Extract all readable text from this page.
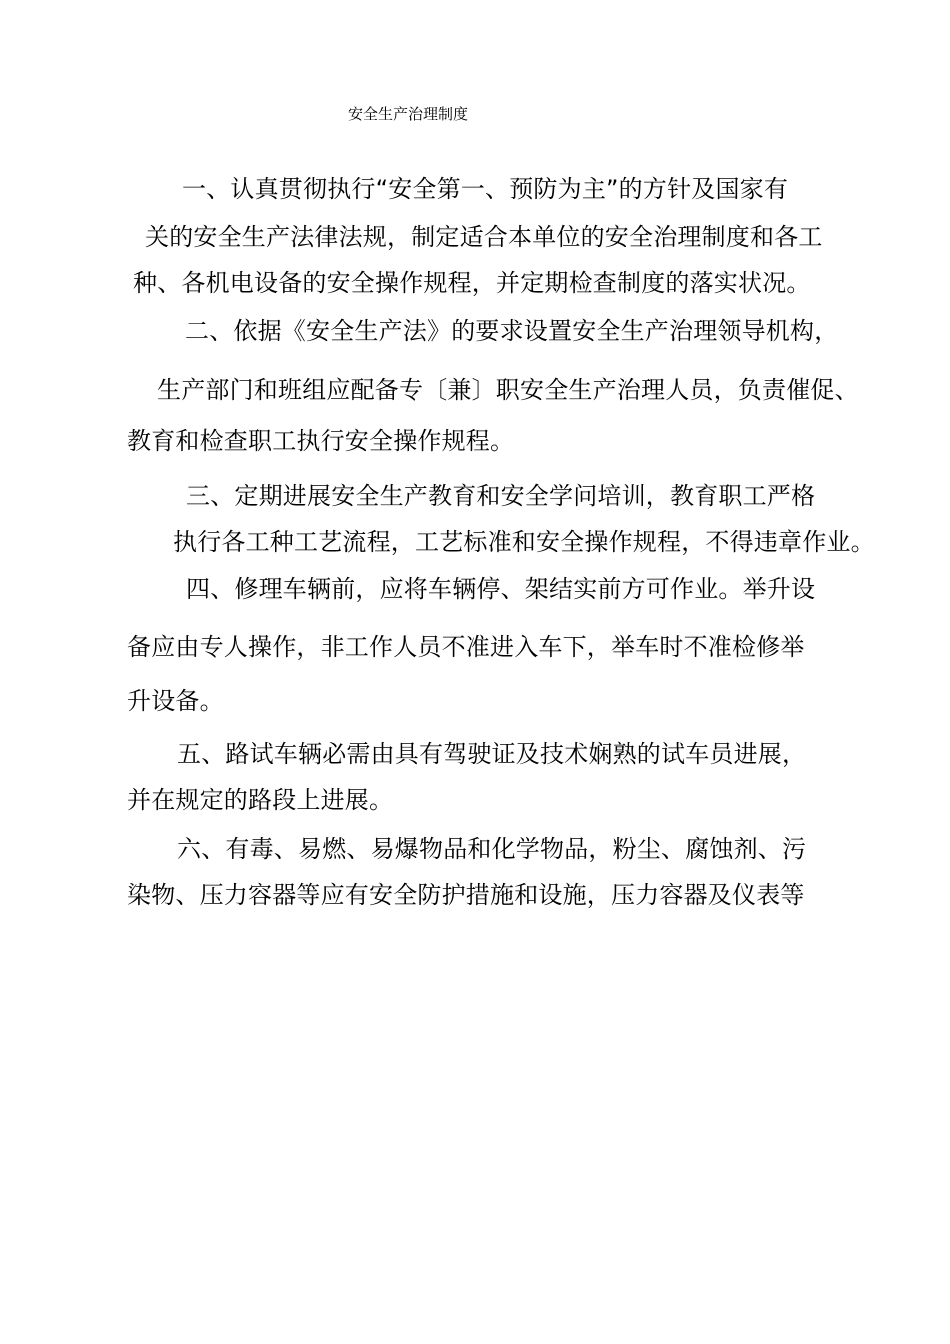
安全生产治理制度
一、认真贯彻执行“安全第一、预防为主”的方针及国家有
关的安全生产法律法规，制定适合本单位的安全治理制度和各工
种、各机电设备的安全操作规程，并定期检查制度的落实状况。
二、依据《安全生产法》的要求设置安全生产治理领导机构，
生产部门和班组应配备专〔兼〕职安全生产治理人员，负责催促、
教育和检查职工执行安全操作规程。
三、定期进展安全生产教育和安全学问培训，教育职工严格
执行各工种工艺流程，工艺标准和安全操作规程，不得违章作业。
四、修理车辆前，应将车辆停、架结实前方可作业。举升设
备应由专人操作，非工作人员不准进入车下，举车时不准检修举
升设备。
五、路试车辆必需由具有驾驶证及技术娴熟的试车员进展，
并在规定的路段上进展。
六、有毒、易燃、易爆物品和化学物品，粉尘、腐蚀剂、污
染物、压力容器等应有安全防护措施和设施，压力容器及仪表等
